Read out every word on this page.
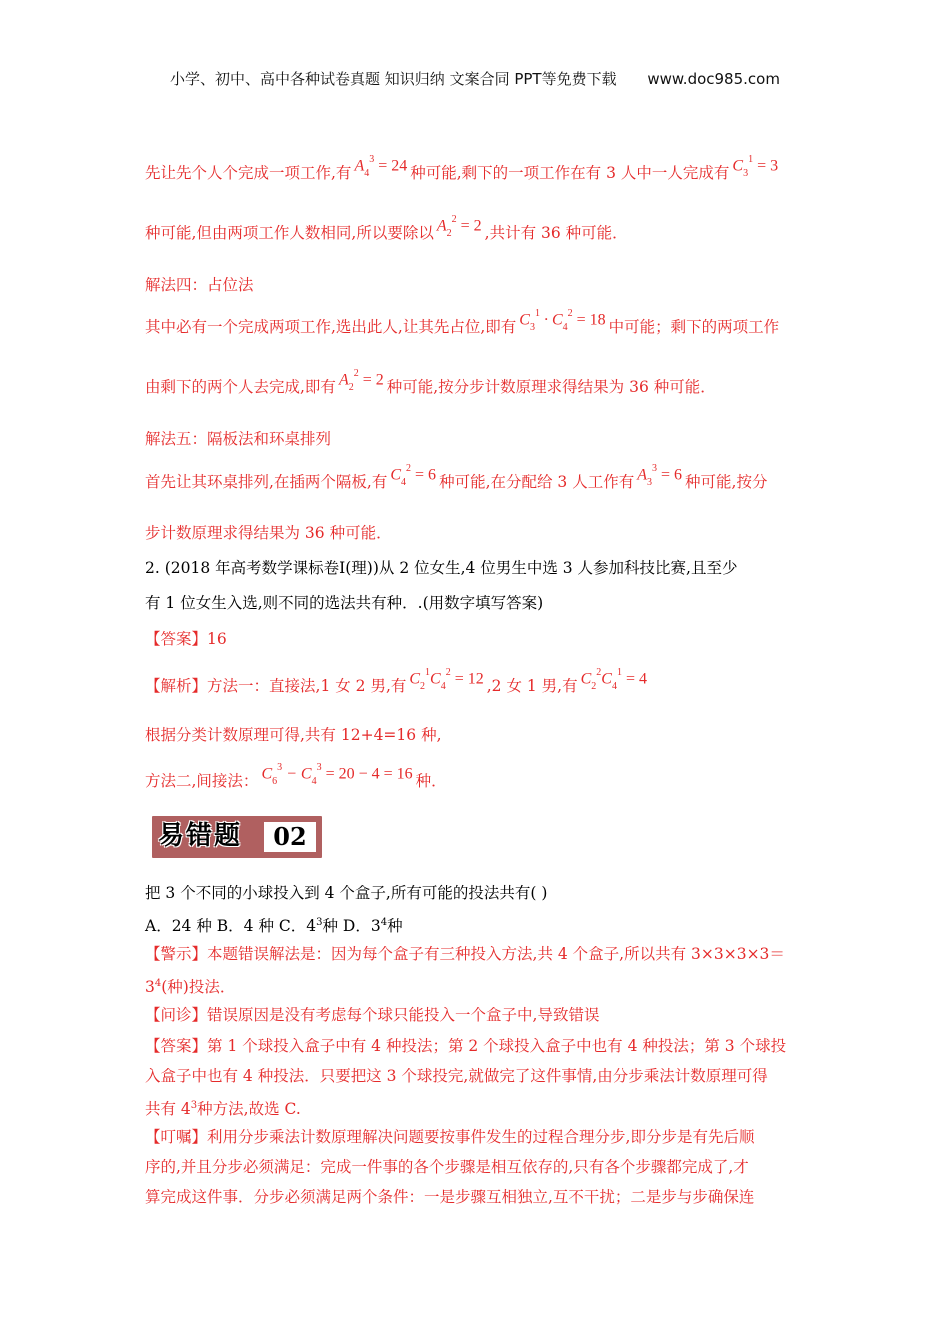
小学、初中、高中各种试卷真题 知识归纳 文案合同 PPT等免费下载 www.doc985.com
先让先个人个完成一项工作,有 $A_4^3 = 24$ 种可能,剩下的一项工作在有 3 人中一人完成有 $C_3^1 = 3$
种可能,但由两项工作人数相同,所以要除以 $A_2^2 = 2$ ,共计有 36 种可能．
解法四：占位法
其中必有一个完成两项工作,选出此人,让其先占位,即有 $C_3^1 \cdot C_4^2 = 18$ 中可能；剩下的两项工作
由剩下的两个人去完成,即有 $A_2^2 = 2$ 种可能,按分步计数原理求得结果为 36 种可能．
解法五：隔板法和环桌排列
首先让其环桌排列,在插两个隔板,有 $C_4^2 = 6$ 种可能,在分配给 3 人工作有 $A_3^3 = 6$ 种可能,按分
步计数原理求得结果为 36 种可能．
2. (2018 年高考数学课标卷Ⅰ(理))从 2 位女生,4 位男生中选 3 人参加科技比赛,且至少
有 1 位女生入选,则不同的选法共有种．.(用数字填写答案)
【答案】16
【解析】方法一：直接法,1 女 2 男,有 $C_2^1C_4^2 = 12$ ,2 女 1 男,有 $C_2^2C_4^1 = 4$
根据分类计数原理可得,共有 12+4=16 种,
方法二,间接法： $C_6^3 - C_4^3 = 20 - 4 = 16$ 种．
易错题	02
把 3 个不同的小球投入到 4 个盒子,所有可能的投法共有( )
A．24 种 B．4 种 C．$4^3$种 D．$3^4$种
【警示】本题错误解法是：因为每个盒子有三种投入方法,共 4 个盒子,所以共有 3×3×3×3＝
$3^4$(种)投法．
【问诊】错误原因是没有考虑每个球只能投入一个盒子中,导致错误
【答案】第 1 个球投入盒子中有 4 种投法；第 2 个球投入盒子中也有 4 种投法；第 3 个球投
入盒子中也有 4 种投法．只要把这 3 个球投完,就做完了这件事情,由分步乘法计数原理可得
共有 $4^3$种方法,故选 C.
【叮嘱】利用分步乘法计数原理解决问题要按事件发生的过程合理分步,即分步是有先后顺
序的,并且分步必须满足：完成一件事的各个步骤是相互依存的,只有各个步骤都完成了,才
算完成这件事．分步必须满足两个条件：一是步骤互相独立,互不干扰；二是步与步确保连
